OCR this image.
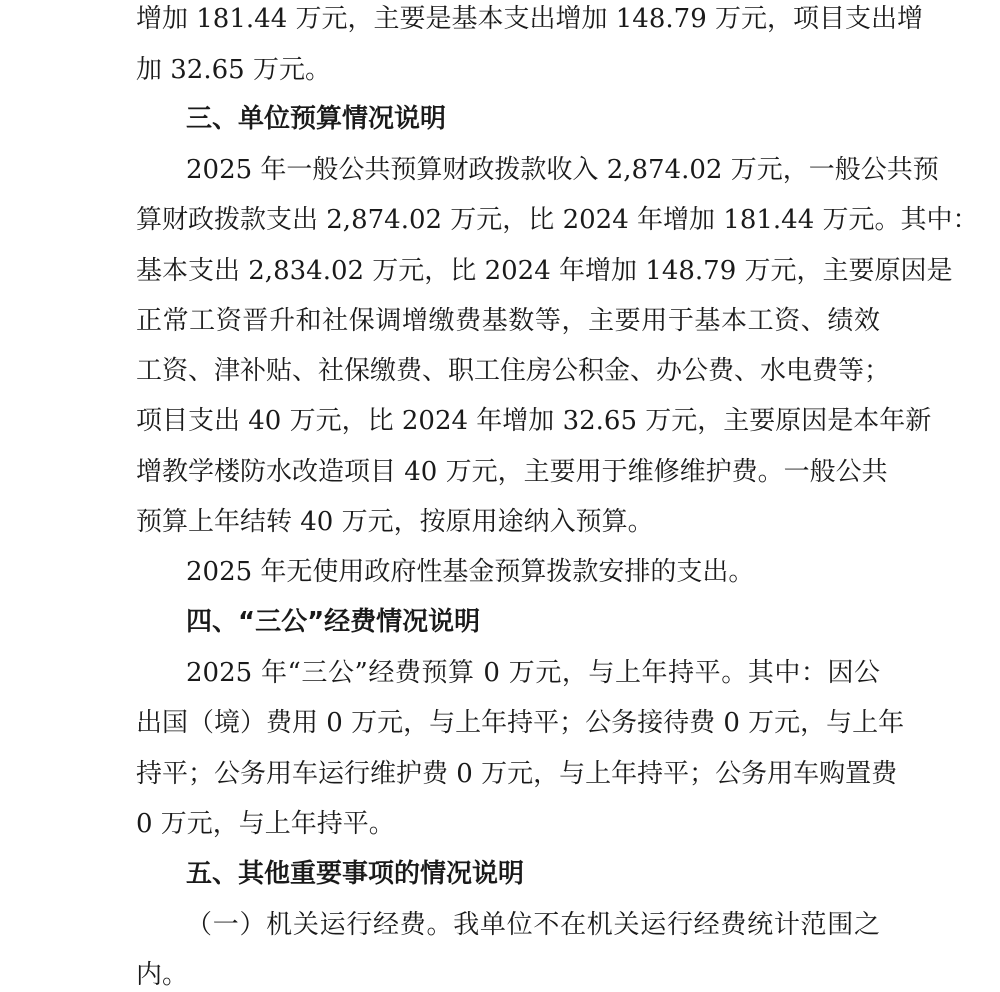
增加 181.44 万元，主要是基本支出增加 148.79 万元，项目支出增
加 32.65 万元。
三、单位预算情况说明
2025 年一般公共预算财政拨款收入 2,874.02 万元，一般公共预
算财政拨款支出 2,874.02 万元，比 2024 年增加 181.44 万元。其中：
基本支出 2,834.02 万元，比 2024 年增加 148.79 万元，主要原因是
正常工资晋升和社保调增缴费基数等，主要用于基本工资、绩效
工资、津补贴、社保缴费、职工住房公积金、办公费、水电费等；
项目支出 40 万元，比 2024 年增加 32.65 万元，主要原因是本年新
增教学楼防水改造项目 40 万元，主要用于维修维护费。一般公共
预算上年结转 40 万元，按原用途纳入预算。
2025 年无使用政府性基金预算拨款安排的支出。
四、“三公”经费情况说明
2025 年“三公”经费预算 0 万元，与上年持平。其中：因公
出国（境）费用 0 万元，与上年持平；公务接待费 0 万元，与上年
持平；公务用车运行维护费 0 万元，与上年持平；公务用车购置费
0 万元，与上年持平。
五、其他重要事项的情况说明
（一）机关运行经费。我单位不在机关运行经费统计范围之
内。
